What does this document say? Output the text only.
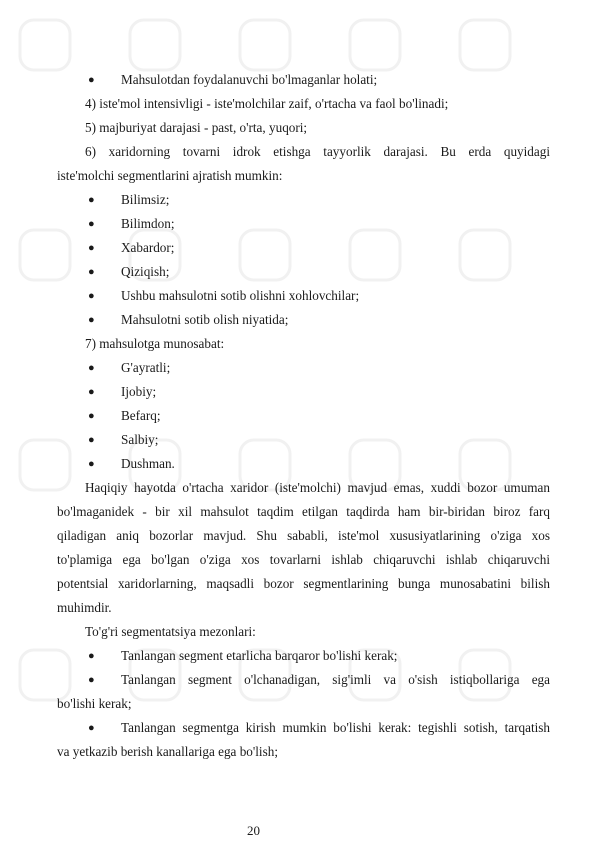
● Mahsulotdan foydalanuvchi bo'lmaganlar holati;
4) iste'mol intensivligi - iste'molchilar zaif, o'rtacha va faol bo'linadi;
5) majburiyat darajasi - past, o'rta, yuqori;
6) xaridorning tovarni idrok etishga tayyorlik darajasi. Bu erda quyidagi
iste'molchi segmentlarini ajratish mumkin:
● Bilimsiz;
● Bilimdon;
● Xabardor;
● Qiziqish;
● Ushbu mahsulotni sotib olishni xohlovchilar;
● Mahsulotni sotib olish niyatida;
7) mahsulotga munosabat:
● G'ayratli;
● Ijobiy;
● Befarq;
● Salbiy;
● Dushman.
Haqiqiy hayotda o'rtacha xaridor (iste'molchi) mavjud emas, xuddi bozor umuman
bo'lmaganidek - bir xil mahsulot taqdim etilgan taqdirda ham bir-biridan biroz farq
qiladigan aniq bozorlar mavjud. Shu sababli, iste'mol xususiyatlarining o'ziga xos
to'plamiga ega bo'lgan o'ziga xos tovarlarni ishlab chiqaruvchi ishlab chiqaruvchi
potentsial xaridorlarning, maqsadli bozor segmentlarining bunga munosabatini bilish
muhimdir.
To'g'ri segmentatsiya mezonlari:
● Tanlangan segment etarlicha barqaror bo'lishi kerak;
● Tanlangan segment o'lchanadigan, sig'imli va o'sish istiqbollariga ega
bo'lishi kerak;
● Tanlangan segmentga kirish mumkin bo'lishi kerak: tegishli sotish, tarqatish
va yetkazib berish kanallariga ega bo'lish;
20
